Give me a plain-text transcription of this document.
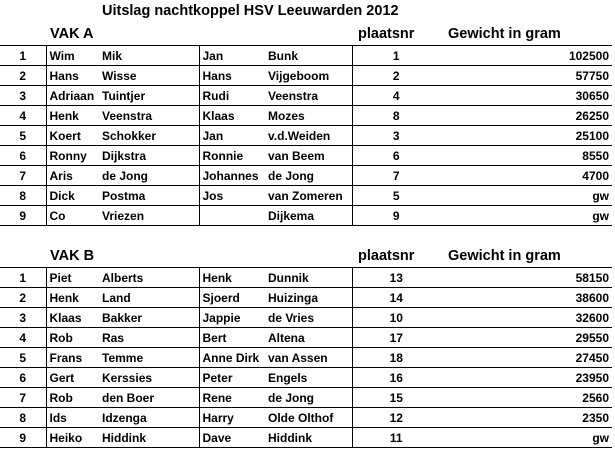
Uitslag nachtkoppel HSV Leeuwarden 2012
VAK A	plaatsnr Gewicht in gram
1	Wim	Mik	Jan	Bunk	1	102500
2	Hans	Wisse	Hans	Vijgeboom	2	57750
3	Adriaan	Tuintjer	Rudi	Veenstra	4	30650
4	Henk	Veenstra	Klaas	Mozes	8	26250
5	Koert	Schokker	Jan	v.d.Weiden	3	25100
6	Ronny	Dijkstra	Ronnie	van Beem	6	8550
7	Aris	de Jong	Johannes	de Jong	7	4700
8	Dick	Postma	Jos	van Zomeren	5	gw
9	Co	Vriezen		Dijkema	9	gw
VAK B	plaatsnr Gewicht in gram
1	Piet	Alberts	Henk	Dunnik	13	58150
2	Henk	Land	Sjoerd	Huizinga	14	38600
3	Klaas	Bakker	Jappie	de Vries	10	32600
4	Rob	Ras	Bert	Altena	17	29550
5	Frans	Temme	Anne Dirk	van Assen	18	27450
6	Gert	Kerssies	Peter	Engels	16	23950
7	Rob	den Boer	Rene	de Jong	15	2560
8	Ids	Idzenga	Harry	Olde Olthof	12	2350
9	Heiko	Hiddink	Dave	Hiddink	11	gw
